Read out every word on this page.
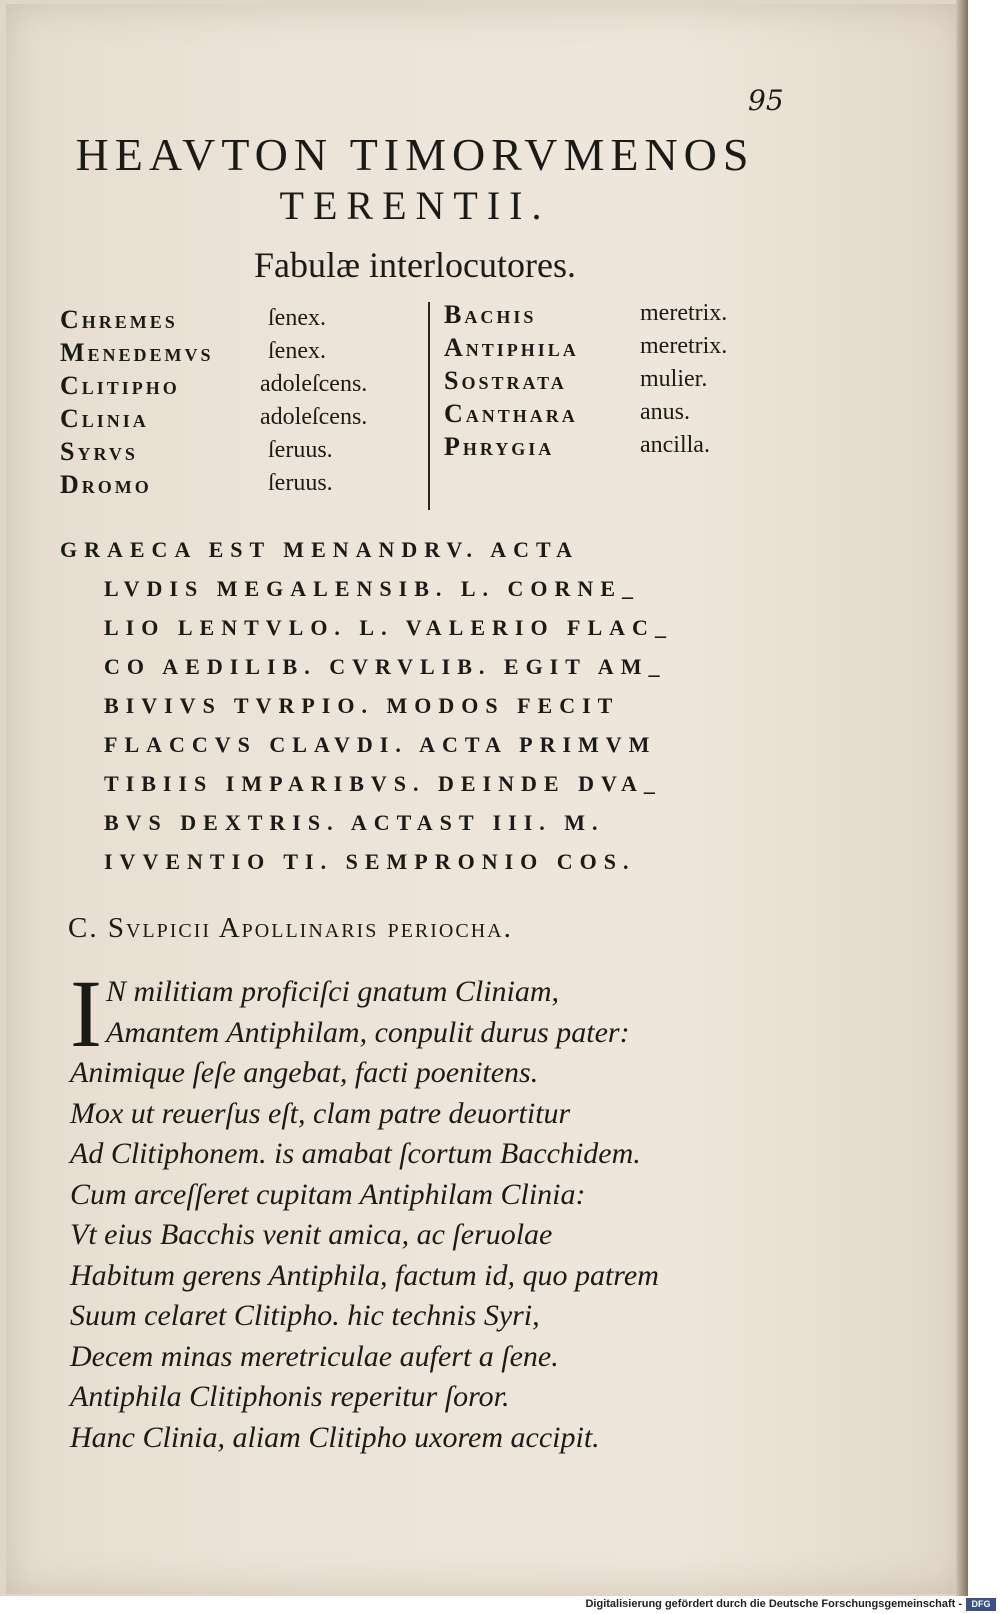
95
HEAVTON TIMORVMENOS
TERENTII.
Fabulæ interlocutores.
Chremes	ſenex.
Menedemvs ſenex.
Clitipho	adoleſcens.
Clinia	adoleſcens.
Syrvs	ſeruus.
Dromo	ſeruus.
Bachis	meretrix.
Antiphila	meretrix.
Sostrata	mulier.
Canthara	anus.
Phrygia	ancilla.
GRAECA EST MENANDRV. ACTA
LVDIS MEGALENSIB. L. CORNE_
LIO LENTVLO. L. VALERIO FLAC_
CO AEDILIB. CVRVLIB. EGIT AM_
BIVIVS TVRPIO. MODOS FECIT
FLACCVS CLAVDI. ACTA PRIMVM
TIBIIS IMPARIBVS. DEINDE DVA_
BVS DEXTRIS. ACTAST III. M.
IVVENTIO TI. SEMPRONIO COS.
C. Svlpicii Apollinaris periocha.
I N militiam proficiſci gnatum Cliniam,
Amantem Antiphilam, conpulit durus pater:
Animique ſeſe angebat, facti poenitens.
Mox ut reuerſus eſt, clam patre deuortitur
Ad Clitiphonem. is amabat ſcortum Bacchidem.
Cum arceſſeret cupitam Antiphilam Clinia:
Vt eius Bacchis venit amica, ac ſeruolae
Habitum gerens Antiphila, factum id, quo patrem
Suum celaret Clitipho. hic technis Syri,
Decem minas meretriculae aufert a ſene.
Antiphila Clitiphonis reperitur ſoror.
Hanc Clinia, aliam Clitipho uxorem accipit.
Digitalisierung gefördert durch die Deutsche Forschungsgemeinschaft -	DFG
